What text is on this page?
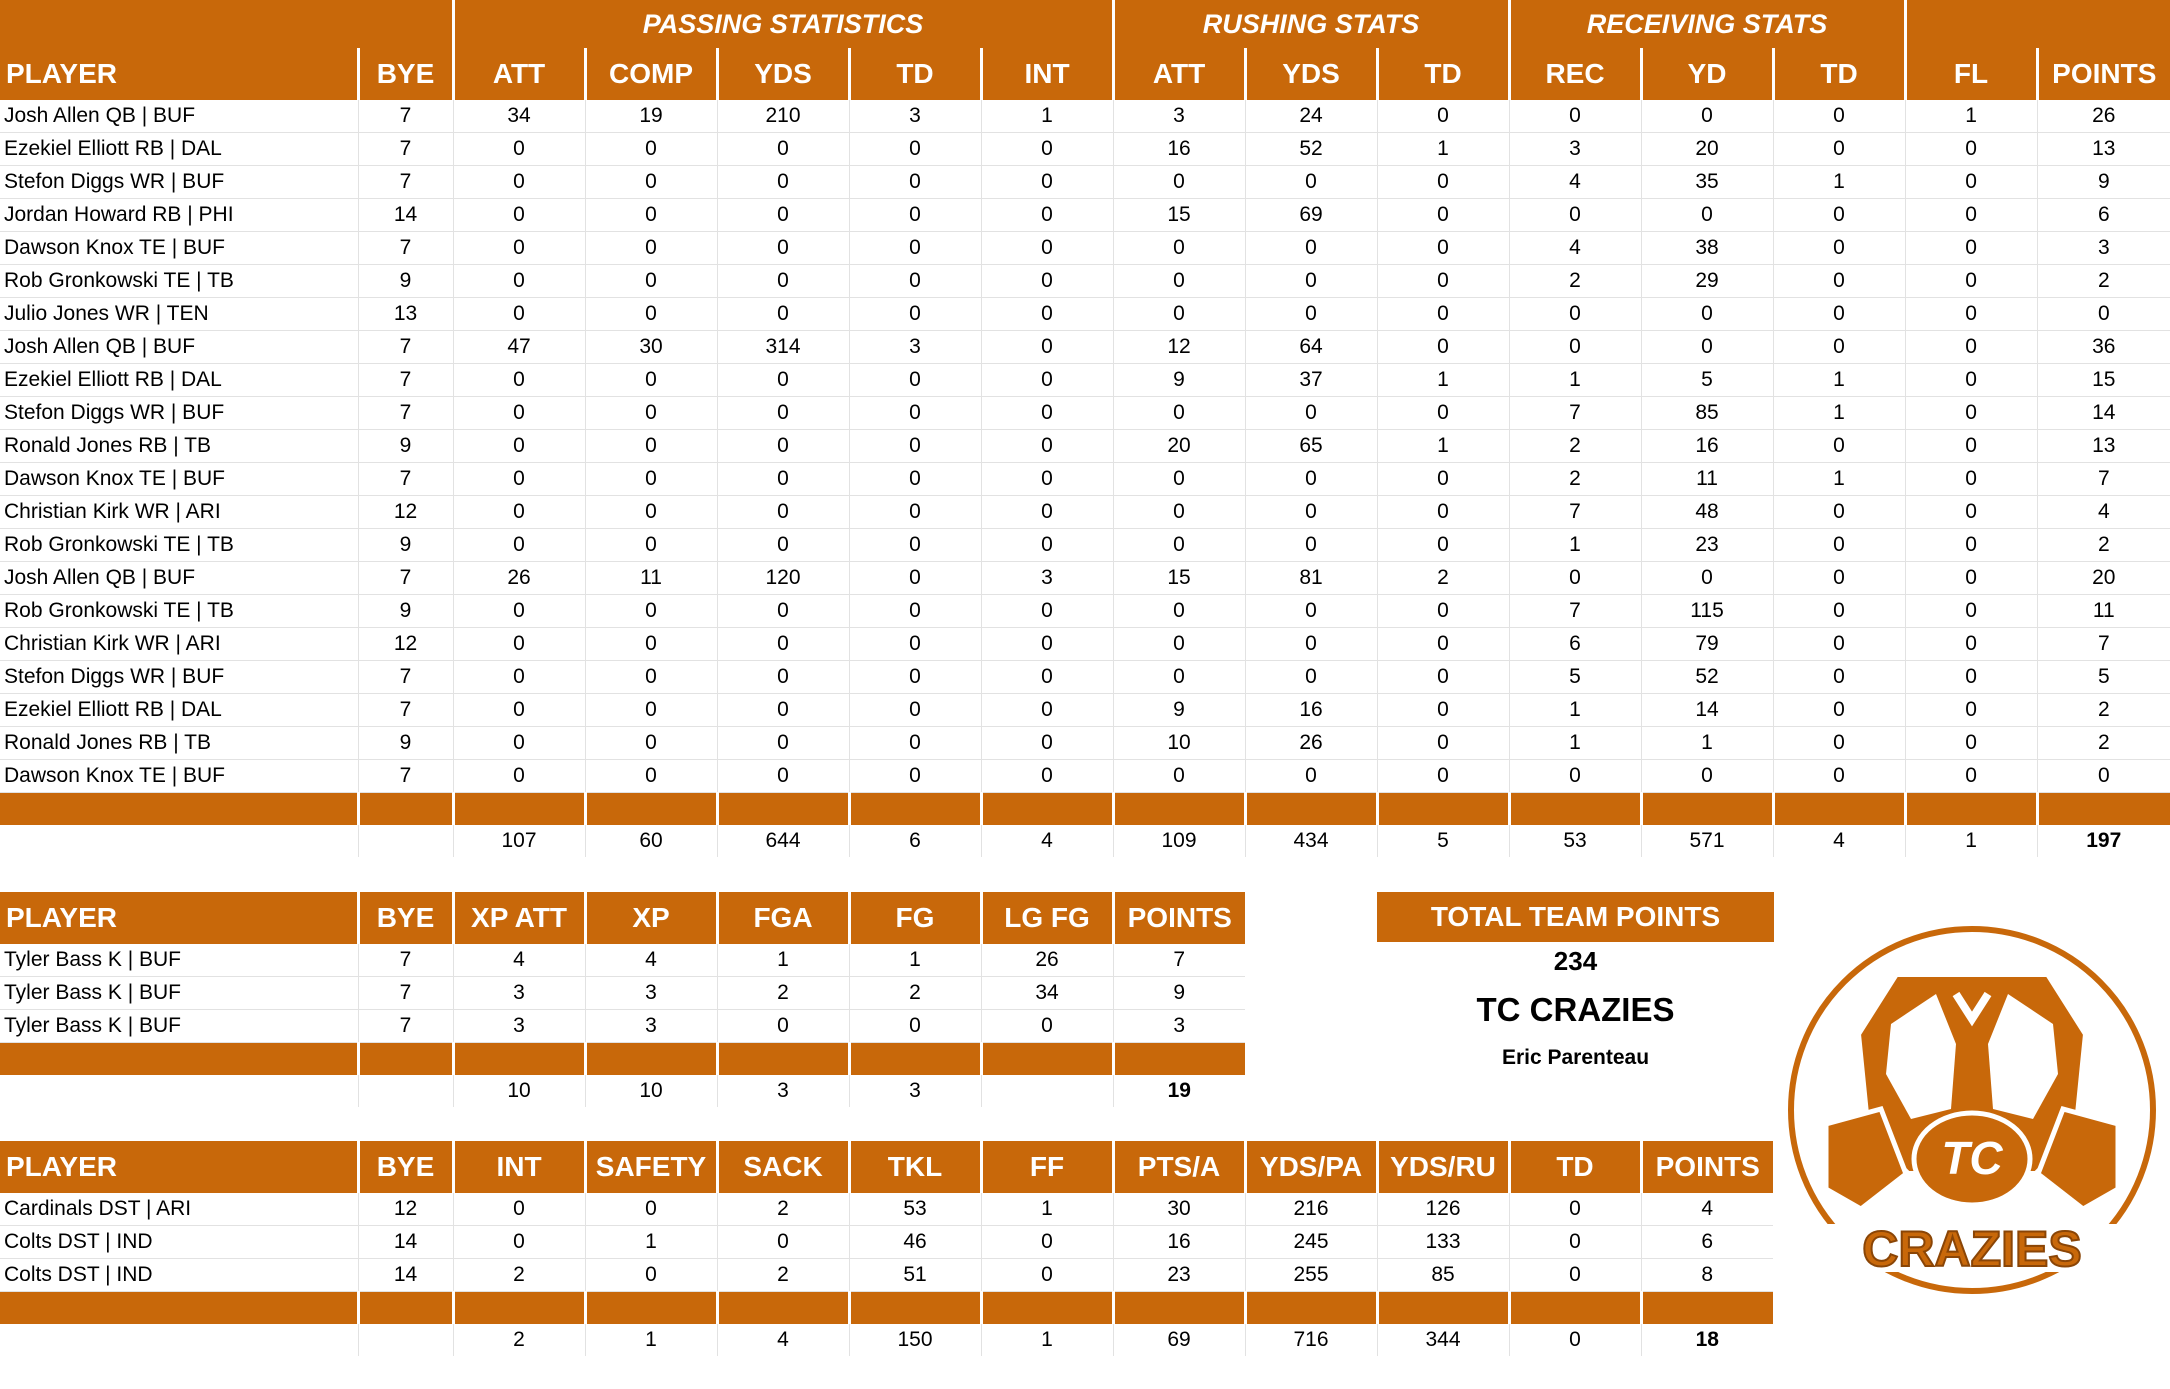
		PASSING STATISTICS					RUSHING STATS			RECEIVING STATS				
PLAYER	BYE	ATT	COMP	YDS	TD	INT	ATT	YDS	TD	REC	YD	TD	FL	POINTS
Josh Allen QB | BUF	7	34	19	210	3	1	3	24	0	0	0	0	1	26
Ezekiel Elliott RB | DAL	7	0	0	0	0	0	16	52	1	3	20	0	0	13
Stefon Diggs WR | BUF	7	0	0	0	0	0	0	0	0	4	35	1	0	9
Jordan Howard RB | PHI	14	0	0	0	0	0	15	69	0	0	0	0	0	6
Dawson Knox TE | BUF	7	0	0	0	0	0	0	0	0	4	38	0	0	3
Rob Gronkowski TE | TB	9	0	0	0	0	0	0	0	0	2	29	0	0	2
Julio Jones WR | TEN	13	0	0	0	0	0	0	0	0	0	0	0	0	0
Josh Allen QB | BUF	7	47	30	314	3	0	12	64	0	0	0	0	0	36
Ezekiel Elliott RB | DAL	7	0	0	0	0	0	9	37	1	1	5	1	0	15
Stefon Diggs WR | BUF	7	0	0	0	0	0	0	0	0	7	85	1	0	14
Ronald Jones RB | TB	9	0	0	0	0	0	20	65	1	2	16	0	0	13
Dawson Knox TE | BUF	7	0	0	0	0	0	0	0	0	2	11	1	0	7
Christian Kirk WR | ARI	12	0	0	0	0	0	0	0	0	7	48	0	0	4
Rob Gronkowski TE | TB	9	0	0	0	0	0	0	0	0	1	23	0	0	2
Josh Allen QB | BUF	7	26	11	120	0	3	15	81	2	0	0	0	0	20
Rob Gronkowski TE | TB	9	0	0	0	0	0	0	0	0	7	115	0	0	11
Christian Kirk WR | ARI	12	0	0	0	0	0	0	0	0	6	79	0	0	7
Stefon Diggs WR | BUF	7	0	0	0	0	0	0	0	0	5	52	0	0	5
Ezekiel Elliott RB | DAL	7	0	0	0	0	0	9	16	0	1	14	0	0	2
Ronald Jones RB | TB	9	0	0	0	0	0	10	26	0	1	1	0	0	2
Dawson Knox TE | BUF	7	0	0	0	0	0	0	0	0	0	0	0	0	0

		107	60	644	6	4	109	434	5	53	571	4	1	197
PLAYER	BYE	XP ATT	XP	FGA	FG	LG FG	POINTS
Tyler Bass K | BUF	7	4	4	1	1	26	7
Tyler Bass K | BUF	7	3	3	2	2	34	9
Tyler Bass K | BUF	7	3	3	0	0	0	3

		10	10	3	3		19
PLAYER	BYE	INT	SAFETY	SACK	TKL	FF	PTS/A	YDS/PA	YDS/RU	TD	POINTS
Cardinals DST | ARI	12	0	0	2	53	1	30	216	126	0	4
Colts DST | IND	14	0	1	0	46	0	16	245	133	0	6
Colts DST | IND	14	2	0	2	51	0	23	255	85	0	8

		2	1	4	150	1	69	716	344	0	18
TOTAL TEAM POINTS
234
TC CRAZIES
Eric Parenteau
TC
CRAZIES
